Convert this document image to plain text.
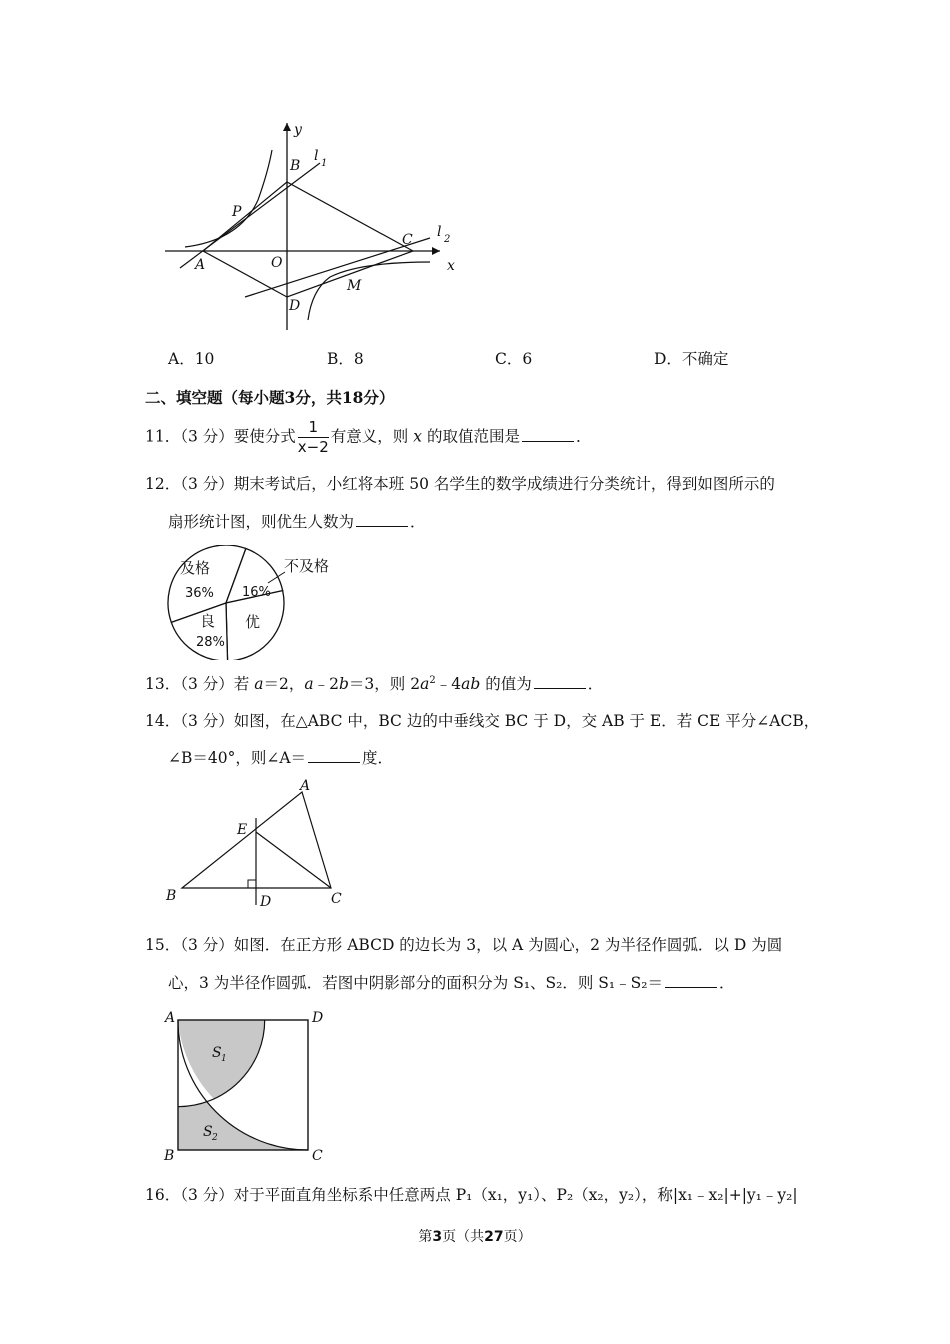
y
B
l 1
P
C l 2
A	O	x
M
D
A．10	B．8	C．6	D．不确定
二、填空题（每小题3分，共18分）
11．（3 分）要使分式 $\frac{1}{x-2}$ 有意义，则 x 的取值范围是	．
12．（3 分）期末考试后，小红将本班 50 名学生的数学成绩进行分类统计，得到如图所示的
扇形统计图，则优生人数为	．
及格
36%
不及格
16%
良
28%
优
13．（3 分）若 a＝2，a﹣2b＝3，则 $2a^2﹣4ab$ 的值为	．
14．（3 分）如图，在△ABC 中，BC 边的中垂线交 BC 于 D，交 AB 于 E．若 CE 平分∠ACB，
∠B＝40°，则∠A＝	度．
A
E
B	D	C
15．（3 分）如图．在正方形 ABCD 的边长为 3，以 A 为圆心，2 为半径作圆弧．以 D 为圆
心，3 为半径作圆弧．若图中阴影部分的面积分为 S₁、S₂．则 S₁﹣S₂＝	．
A	D
B	C
S 1
S 2
16．（3 分）对于平面直角坐标系中任意两点 P₁（x₁，y₁）、P₂（x₂，y₂），称|x₁﹣x₂|+|y₁﹣y₂|
第3页（共27页）
